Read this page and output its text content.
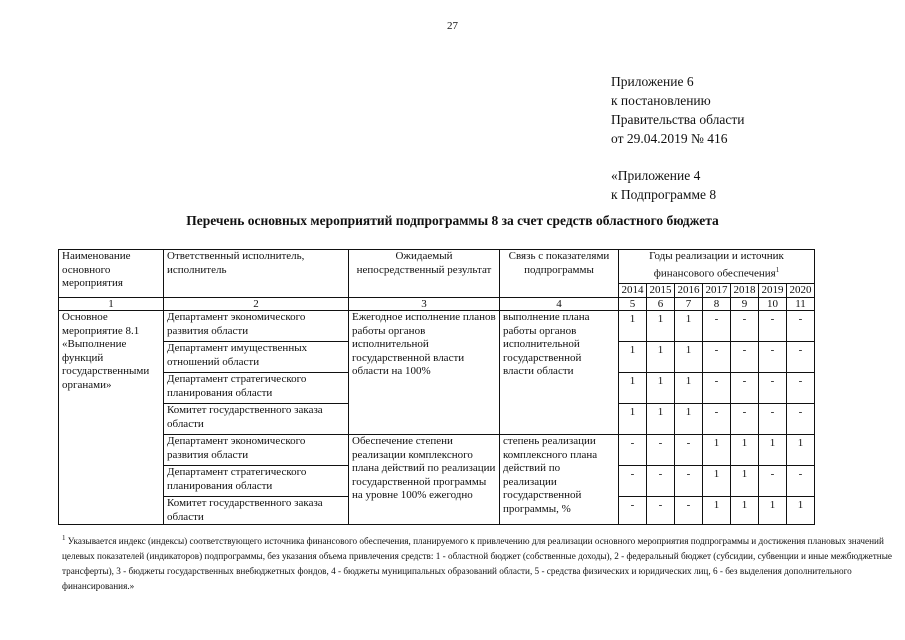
27
Приложение 6
к постановлению
Правительства области
от 29.04.2019 № 416
«Приложение 4
к Подпрограмме 8
Перечень основных мероприятий подпрограммы 8 за счет средств областного бюджета
Наименование основного мероприятия	Ответственный исполнитель, исполнитель	Ожидаемый непосредственный результат	Связь с показателями подпрограммы	Годы реализации и источник финансового обеспечения$^1$
				2014	2015	2016	2017	2018	2019	2020
1	2	3	4	5	6	7	8	9	10	11
Основное мероприятие 8.1 «Выполнение функций государственными органами»	Департамент экономического развития области	Ежегодное исполнение планов работы органов исполнительной государственной власти области на 100%	выполнение плана работы органов исполнительной государственной власти области	1	1	1	-	-	-	-
	Департамент имущественных отношений области			1	1	1	-	-	-	-
	Департамент стратегического планирования области			1	1	1	-	-	-	-
	Комитет государственного заказа области			1	1	1	-	-	-	-
	Департамент экономического развития области	Обеспечение степени реализации комплексного плана действий по реализации государственной программы на уровне 100% ежегодно	степень реализации комплексного плана действий по реализации государственной программы, %	-	-	-	1	1	1	1
	Департамент стратегического планирования области			-	-	-	1	1	-	-
	Комитет государственного заказа области			-	-	-	1	1	1	1
$^1$ Указывается индекс (индексы) соответствующего источника финансового обеспечения, планируемого к привлечению для реализации основного мероприятия подпрограммы и достижения плановых значений целевых показателей (индикаторов) подпрограммы, без указания объема привлечения средств: 1 - областной бюджет (собственные доходы), 2 - федеральный бюджет (субсидии, субвенции и иные межбюджетные трансферты), 3 - бюджеты государственных внебюджетных фондов, 4 - бюджеты муниципальных образований области, 5 - средства физических и юридических лиц, 6 - без выделения дополнительного финансирования.»
